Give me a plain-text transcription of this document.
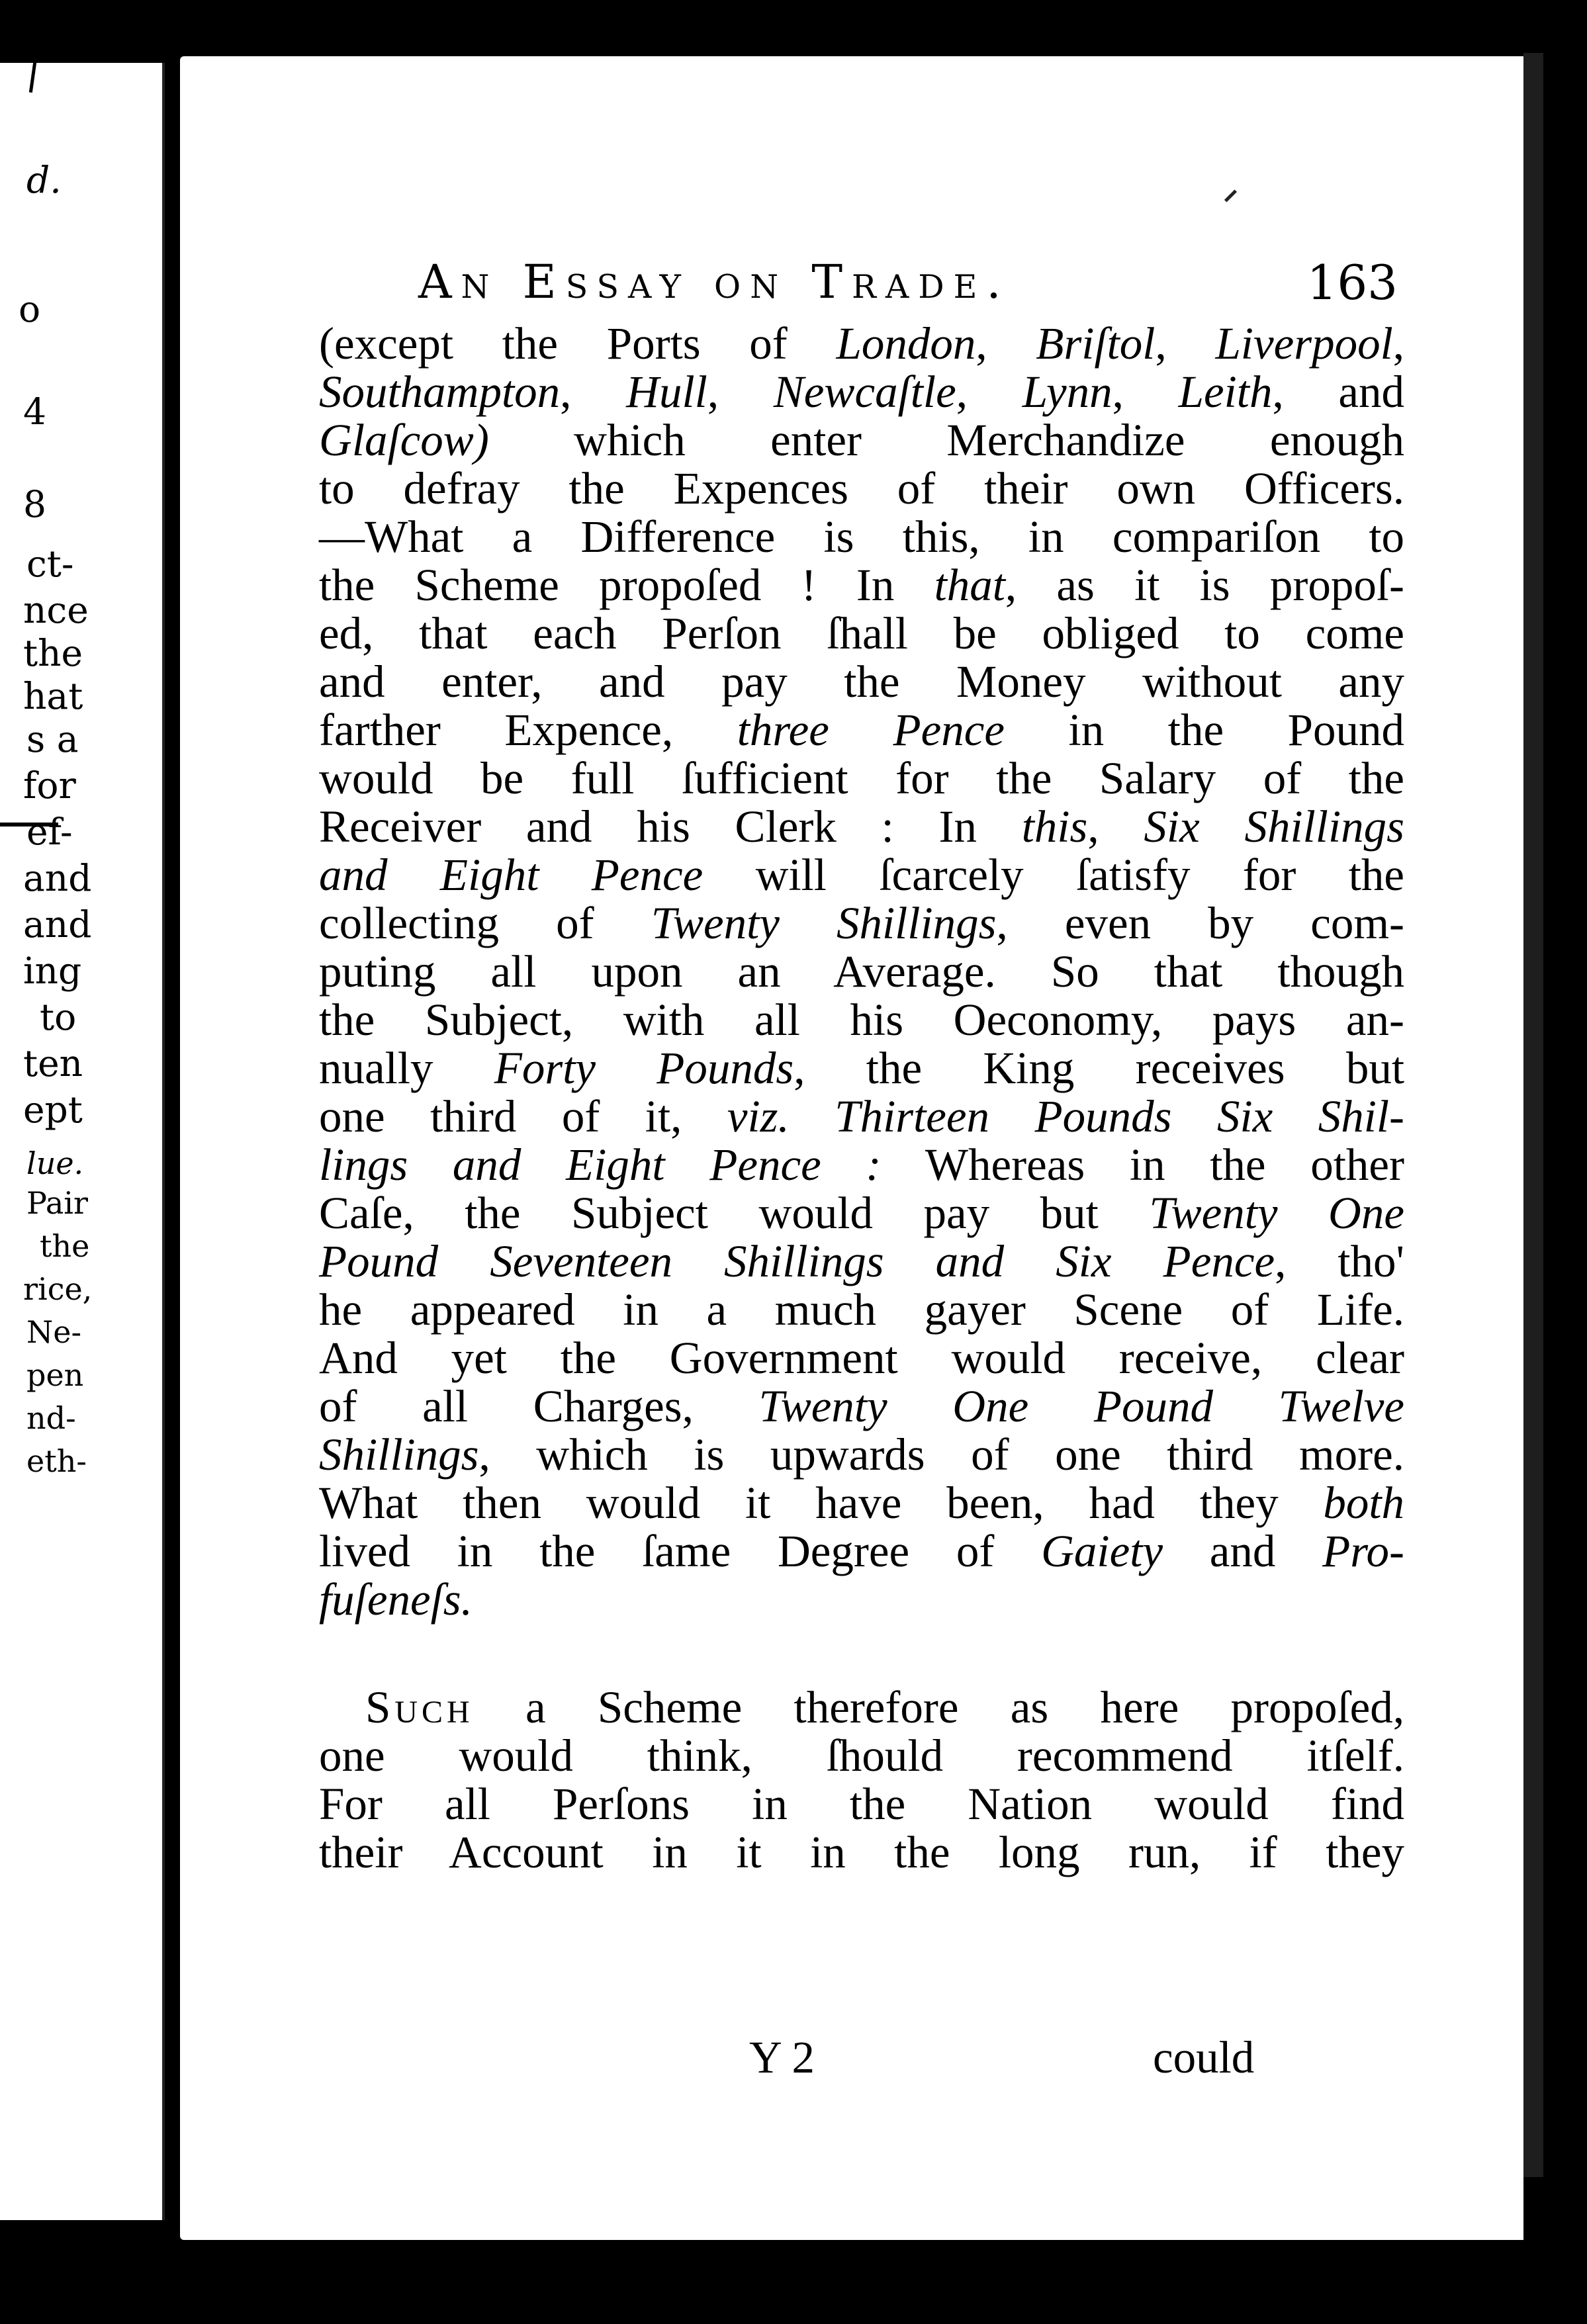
d.
o
4
8
ct-
nce
the
hat
s a
for
ef-
and
and
ing
to
ten
ept
lue.
Pair
the
rice,
Ne-
pen
nd-
eth-
An Essay on Trade.	163
(except the Ports of London, Briſtol, Liverpool,
Southampton, Hull, Newcaſtle, Lynn, Leith, and
Glaſcow) which enter Merchandize enough
to defray the Expences of their own Officers.
—What a Difference is this, in compariſon to
the Scheme propoſed ! In that, as it is propoſ-
ed, that each Perſon ſhall be obliged to come
and enter, and pay the Money without any
farther Expence, three Pence in the Pound
would be full ſufficient for the Salary of the
Receiver and his Clerk : In this, Six Shillings
and Eight Pence will ſcarcely ſatisfy for the
collecting of Twenty Shillings, even by com-
puting all upon an Average. So that though
the Subject, with all his Oeconomy, pays an-
nually Forty Pounds, the King receives but
one third of it, viz. Thirteen Pounds Six Shil-
lings and Eight Pence : Whereas in the other
Caſe, the Subject would pay but Twenty One
Pound Seventeen Shillings and Six Pence, tho'
he appeared in a much gayer Scene of Life.
And yet the Government would receive, clear
of all Charges, Twenty One Pound Twelve
Shillings, which is upwards of one third more.
What then would it have been, had they both
lived in the ſame Degree of Gaiety and Pro-
fuſeneſs.
Such a Scheme therefore as here propoſed,
one would think, ſhould recommend itſelf.
For all Perſons in the Nation would find
their Account in it in the long run, if they
Y 2	could
